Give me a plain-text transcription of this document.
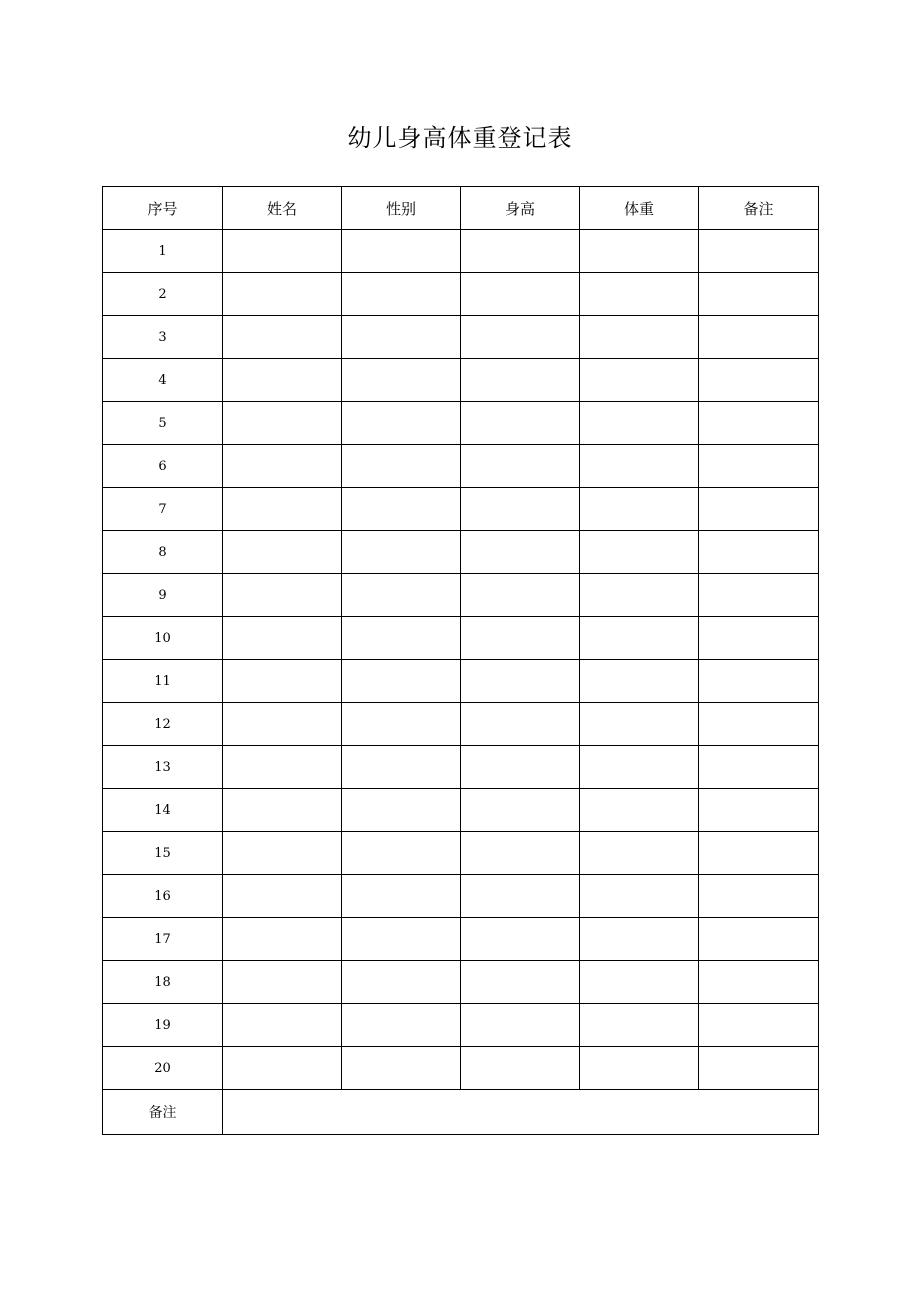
幼儿身高体重登记表
序号	姓名	性别	身高	体重	备注
1					
2					
3					
4					
5					
6					
7					
8					
9					
10					
11					
12					
13					
14					
15					
16					
17					
18					
19					
20					
备注					
